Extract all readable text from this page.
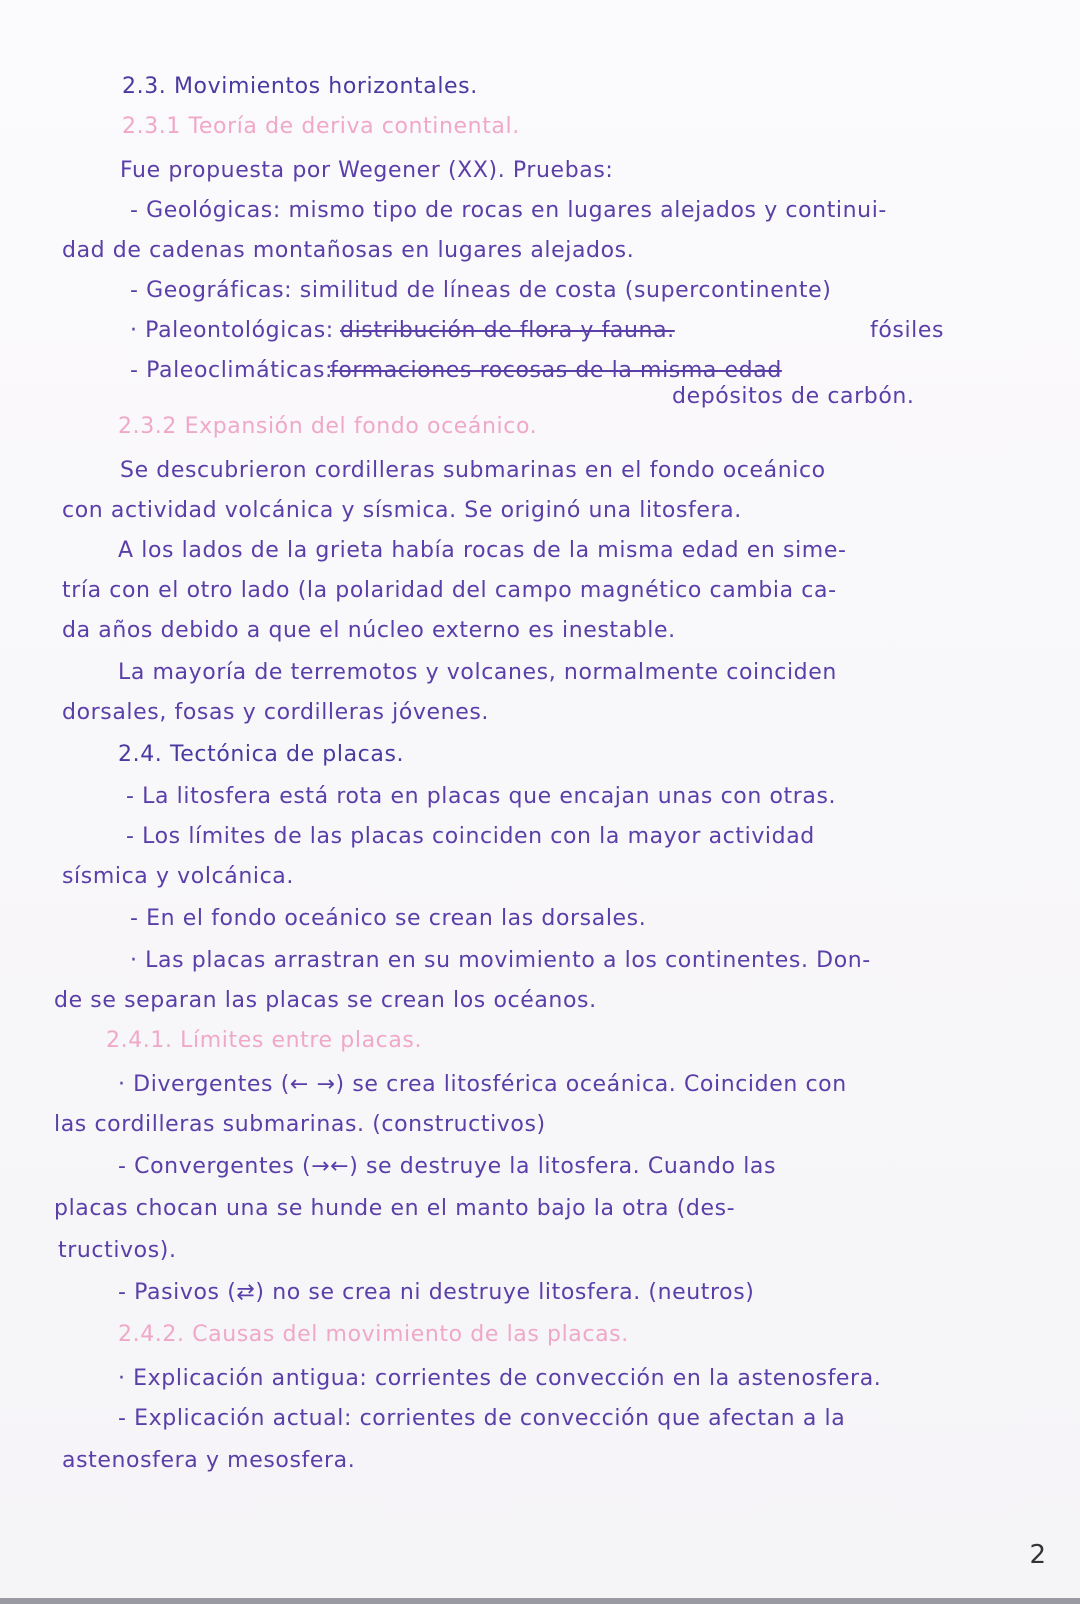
2
2.3. Movimientos horizontales.
2.3.1 Teoría de deriva continental.
Fue propuesta por Wegener (XX). Pruebas:
- Geológicas: mismo tipo de rocas en lugares alejados y continui-
dad de cadenas montañosas en lugares alejados.
- Geográficas: similitud de líneas de costa (supercontinente)
· Paleontológicas: distribución de flora y fauna.	fósiles
- Paleoclimáticas:
formaciones rocosas de la misma edad
depósitos de carbón.
2.3.2 Expansión del fondo oceánico.
Se descubrieron cordilleras submarinas en el fondo oceánico
con actividad volcánica y sísmica. Se originó una litosfera.
A los lados de la grieta había rocas de la misma edad en sime-
tría con el otro lado (la polaridad del campo magnético cambia ca-
da años debido a que el núcleo externo es inestable.
La mayoría de terremotos y volcanes, normalmente coinciden
dorsales, fosas y cordilleras jóvenes.
2.4. Tectónica de placas.
- La litosfera está rota en placas que encajan unas con otras.
- Los límites de las placas coinciden con la mayor actividad
sísmica y volcánica.
- En el fondo oceánico se crean las dorsales.
· Las placas arrastran en su movimiento a los continentes. Don-
de se separan las placas se crean los océanos.
2.4.1. Límites entre placas.
· Divergentes (← →) se crea litosférica oceánica. Coinciden con
las cordilleras submarinas. (constructivos)
- Convergentes (→←) se destruye la litosfera. Cuando las
placas chocan una se hunde en el manto bajo la otra (des-
tructivos).
- Pasivos (⇄) no se crea ni destruye litosfera. (neutros)
2.4.2. Causas del movimiento de las placas.
· Explicación antigua: corrientes de convección en la astenosfera.
- Explicación actual: corrientes de convección que afectan a la
astenosfera y mesosfera.
